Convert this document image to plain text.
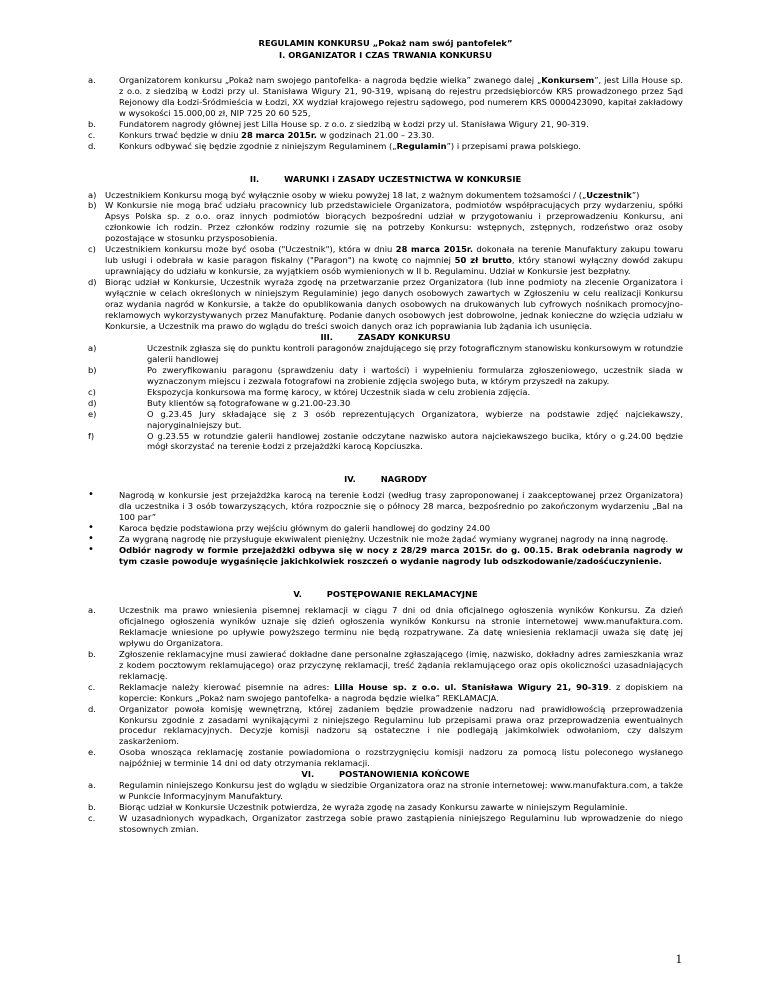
REGULAMIN KONKURSU „Pokaż nam swój pantofelek”
I. ORGANIZATOR I CZAS TRWANIA KONKURSU
a.	Organizatorem konkursu „Pokaż nam swojego pantofelka- a nagroda będzie wielka” zwanego dalej „Konkursem”, jest Lilla House sp. z o.o. z siedzibą w Łodzi przy ul. Stanisława Wigury 21, 90-319, wpisaną do rejestru przedsiębiorców KRS prowadzonego przez Sąd Rejonowy dla Łodzi-Śródmieścia w Łodzi, XX wydział krajowego rejestru sądowego, pod numerem KRS 0000423090, kapitał zakładowy w wysokości 15.000,00 zł, NIP 725 20 60 525,
b.	Fundatorem nagrody głównej jest Lilla House sp. z o.o. z siedzibą w Łodzi przy ul. Stanisława Wigury 21, 90-319.
c.	Konkurs trwać będzie w dniu 28 marca 2015r. w godzinach 21.00 – 23.30.
d.	Konkurs odbywać się będzie zgodnie z niniejszym Regulaminem („Regulamin”) i przepisami prawa polskiego.
II.	WARUNKI i ZASADY UCZESTNICTWA W KONKURSIE
a) Uczestnikiem Konkursu mogą być wyłącznie osoby w wieku powyżej 18 lat, z ważnym dokumentem tożsamości / („Uczestnik”)
b) W Konkursie nie mogą brać udziału pracownicy lub przedstawiciele Organizatora, podmiotów współpracujących przy wydarzeniu, spółki Apsys Polska sp. z o.o. oraz innych podmiotów biorących bezpośredni udział w przygotowaniu i przeprowadzeniu Konkursu, ani członkowie ich rodzin. Przez członków rodziny rozumie się na potrzeby Konkursu: wstępnych, zstępnych, rodzeństwo oraz osoby pozostające w stosunku przysposobienia.
c) Uczestnikiem konkursu może być osoba ("Uczestnik"), która w dniu 28 marca 2015r. dokonała na terenie Manufaktury zakupu towaru lub usługi i odebrała w kasie paragon fiskalny ("Paragon") na kwotę co najmniej 50 zł brutto, który stanowi wyłączny dowód zakupu uprawniający do udziału w konkursie, za wyjątkiem osób wymienionych w II b. Regulaminu. Udział w Konkursie jest bezpłatny.
d) Biorąc udział w Konkursie, Uczestnik wyraża zgodę na przetwarzanie przez Organizatora (lub inne podmioty na zlecenie Organizatora i wyłącznie w celach określonych w niniejszym Regulaminie) jego danych osobowych zawartych w Zgłoszeniu w celu realizacji Konkursu oraz wydania nagród w Konkursie, a także do opublikowania danych osobowych na drukowanych lub cyfrowych nośnikach promocyjno-reklamowych wykorzystywanych przez Manufakturę. Podanie danych osobowych jest dobrowolne, jednak konieczne do wzięcia udziału w Konkursie, a Uczestnik ma prawo do wglądu do treści swoich danych oraz ich poprawiania lub żądania ich usunięcia.
III.	ZASADY KONKURSU
a)	Uczestnik zgłasza się do punktu kontroli paragonów znajdującego się przy fotograficznym stanowisku konkursowym w rotundzie galerii handlowej
b)	Po zweryfikowaniu paragonu (sprawdzeniu daty i wartości) i wypełnieniu formularza zgłoszeniowego, uczestnik siada w wyznaczonym miejscu i zezwala fotografowi na zrobienie zdjęcia swojego buta, w którym przyszedł na zakupy.
c)	Ekspozycja konkursowa ma formę karocy, w której Uczestnik siada w celu zrobienia zdjęcia.
d)	Buty klientów są fotografowane w g.21.00-23.30
e)	O g.23.45 Jury składające się z 3 osób reprezentujących Organizatora, wybierze na podstawie zdjęć najciekawszy, najoryginalniejszy but.
f)	O g.23.55 w rotundzie galerii handlowej zostanie odczytane nazwisko autora najciekawszego bucika, który o g.24.00 będzie mógł skorzystać na terenie Łodzi z przejażdżki karocą Kopciuszka.
IV.	NAGRODY
•	Nagrodą w konkursie jest przejażdżka karocą na terenie Łodzi (według trasy zaproponowanej i zaakceptowanej przez Organizatora) dla uczestnika i 3 osób towarzyszących, która rozpocznie się o północy 28 marca, bezpośrednio po zakończonym wydarzeniu „Bal na 100 par”
•	Karoca będzie podstawiona przy wejściu głównym do galerii handlowej do godziny 24.00
•	Za wygraną nagrodę nie przysługuje ekwiwalent pieniężny. Uczestnik nie może żądać wymiany wygranej nagrody na inną nagrodę.
•	Odbiór nagrody w formie przejażdżki odbywa się w nocy z 28/29 marca 2015r. do g. 00.15. Brak odebrania nagrody w tym czasie powoduje wygaśnięcie jakichkolwiek roszczeń o wydanie nagrody lub odszkodowanie/zadośćuczynienie.
V.	POSTĘPOWANIE REKLAMACYJNE
a.	Uczestnik ma prawo wniesienia pisemnej reklamacji w ciągu 7 dni od dnia oficjalnego ogłoszenia wyników Konkursu. Za dzień oficjalnego ogłoszenia wyników uznaje się dzień ogłoszenia wyników Konkursu na stronie internetowej www.manufaktura.com. Reklamacje wniesione po upływie powyższego terminu nie będą rozpatrywane. Za datę wniesienia reklamacji uważa się datę jej wpływu do Organizatora.
b.	Zgłoszenie reklamacyjne musi zawierać dokładne dane personalne zgłaszającego (imię, nazwisko, dokładny adres zamieszkania wraz z kodem pocztowym reklamującego) oraz przyczynę reklamacji, treść żądania reklamującego oraz opis okoliczności uzasadniających reklamację.
c.	Reklamacje należy kierować pisemnie na adres: Lilla House sp. z o.o. ul. Stanisława Wigury 21, 90-319. z dopiskiem na kopercie: Konkurs „Pokaż nam swojego pantofelka- a nagroda będzie wielka” REKLAMACJA.
d.	Organizator powoła komisję wewnętrzną, której zadaniem będzie prowadzenie nadzoru nad prawidłowością przeprowadzenia Konkursu zgodnie z zasadami wynikającymi z niniejszego Regulaminu lub przepisami prawa oraz przeprowadzenia ewentualnych procedur reklamacyjnych. Decyzje komisji nadzoru są ostateczne i nie podlegają jakimkolwiek odwołaniom, czy dalszym zaskarżeniom.
e.	Osoba wnosząca reklamację zostanie powiadomiona o rozstrzygnięciu komisji nadzoru za pomocą listu poleconego wysłanego najpóźniej w terminie 14 dni od daty otrzymania reklamacji.
VI.	POSTANOWIENIA KOŃCOWE
a.	Regulamin niniejszego Konkursu jest do wglądu w siedzibie Organizatora oraz na stronie internetowej: www.manufaktura.com, a także w Punkcie Informacyjnym Manufaktury.
b.	Biorąc udział w Konkursie Uczestnik potwierdza, że wyraża zgodę na zasady Konkursu zawarte w niniejszym Regulaminie.
c.	W uzasadnionych wypadkach, Organizator zastrzega sobie prawo zastąpienia niniejszego Regulaminu lub wprowadzenie do niego stosownych zmian.
1
